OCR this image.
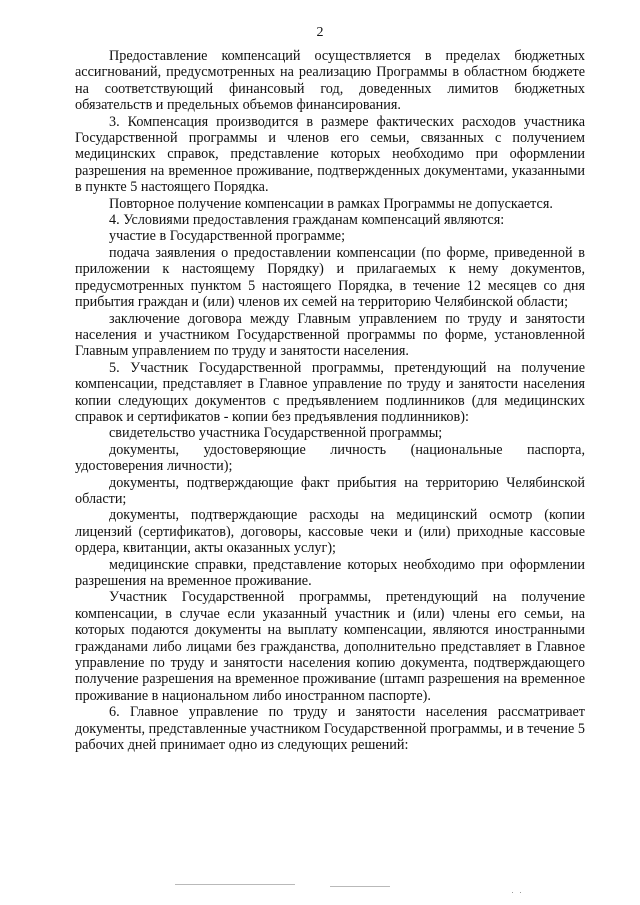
2

Предоставление компенсаций осуществляется в пределах бюджетных ассигнований, предусмотренных на реализацию Программы в областном бюджете на соответствующий финансовый год, доведенных лимитов бюджетных обязательств и предельных объемов финансирования.

3. Компенсация производится в размере фактических расходов участника Государственной программы и членов его семьи, связанных с получением медицинских справок, представление которых необходимо при оформлении разрешения на временное проживание, подтвержденных документами, указанными в пункте 5 настоящего Порядка.

Повторное получение компенсации в рамках Программы не допускается.

4. Условиями предоставления гражданам компенсаций являются:

участие в Государственной программе;

подача заявления о предоставлении компенсации (по форме, приведенной в приложении к настоящему Порядку) и прилагаемых к нему документов, предусмотренных пунктом 5 настоящего Порядка, в течение 12 месяцев со дня прибытия граждан и (или) членов их семей на территорию Челябинской области;

заключение договора между Главным управлением по труду и занятости населения и участником Государственной программы по форме, установленной Главным управлением по труду и занятости населения.

5. Участник Государственной программы, претендующий на получение компенсации, представляет в Главное управление по труду и занятости населения копии следующих документов с предъявлением подлинников (для медицинских справок и сертификатов - копии без предъявления подлинников):

свидетельство участника Государственной программы;

документы, удостоверяющие личность (национальные паспорта, удостоверения личности);

документы, подтверждающие факт прибытия на территорию Челябинской области;

документы, подтверждающие расходы на медицинский осмотр (копии лицензий (сертификатов), договоры, кассовые чеки и (или) приходные кассовые ордера, квитанции, акты оказанных услуг);

медицинские справки, представление которых необходимо при оформлении разрешения на временное проживание.

Участник Государственной программы, претендующий на получение компенсации, в случае если указанный участник и (или) члены его семьи, на которых подаются документы на выплату компенсации, являются иностранными гражданами либо лицами без гражданства, дополнительно представляет в Главное управление по труду и занятости населения копию документа, подтверждающего получение разрешения на временное проживание (штамп разрешения на временное проживание в национальном либо иностранном паспорте).

6. Главное управление по труду и занятости населения рассматривает документы, представленные участником Государственной программы, и в течение 5 рабочих дней принимает одно из следующих решений:
